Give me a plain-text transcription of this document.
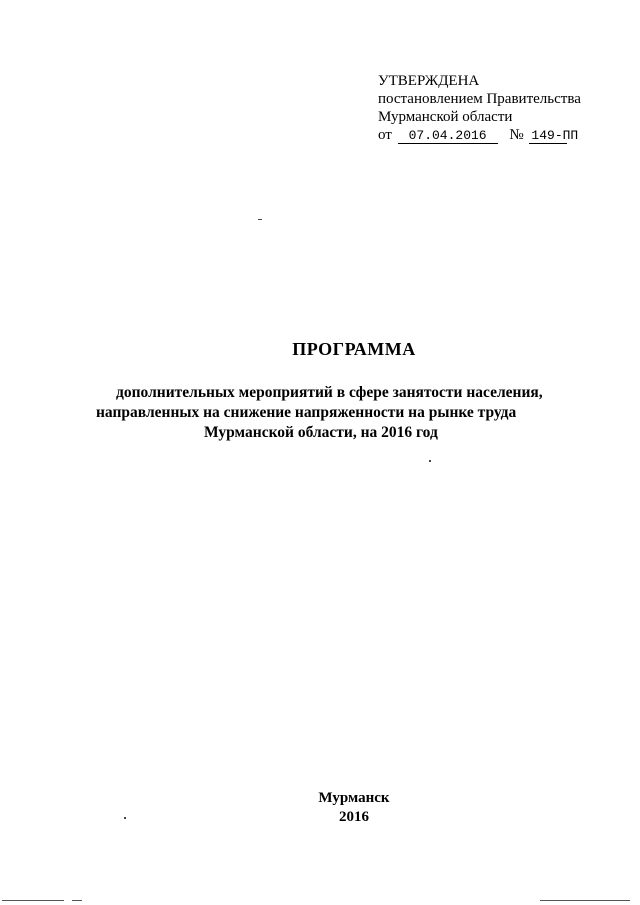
УТВЕРЖДЕНА
постановлением Правительства
Мурманской области
от 07.04.2016 № 149-ПП
ПРОГРАММА
дополнительных мероприятий в сфере занятости населения,
направленных на снижение напряженности на рынке труда
Мурманской области, на 2016 год
Мурманск
2016
